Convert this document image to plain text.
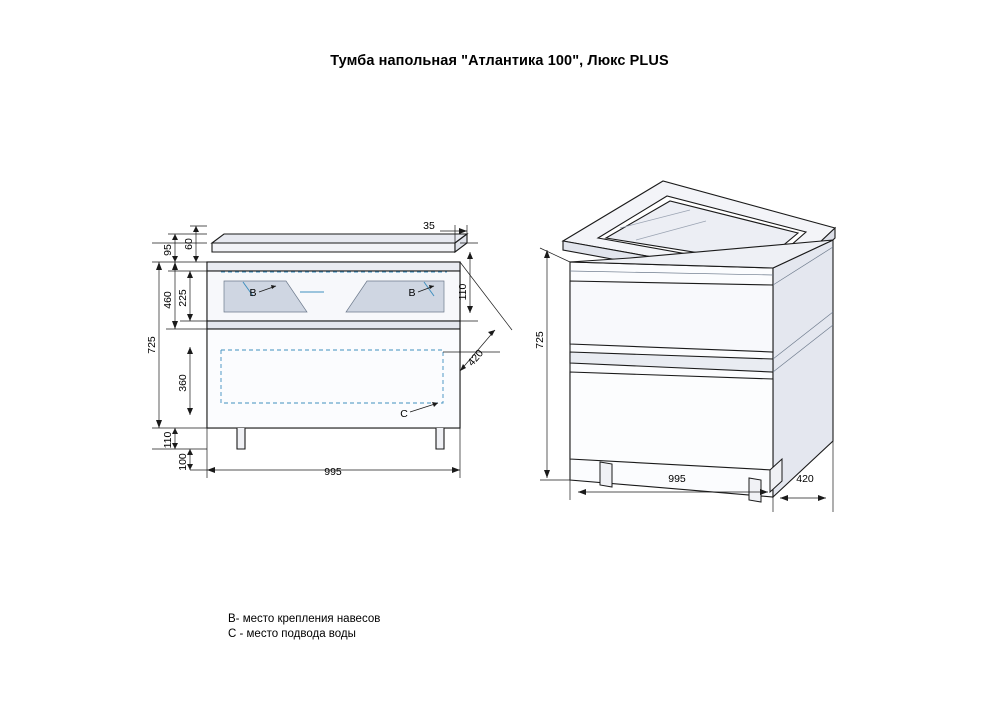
Тумба напольная "Атлантика 100", Люкс PLUS
B	B
C
725
460 225
360
110
100
95
60
995
35
110
420
725
995	420
B- место крепления навесов
C - место подвода воды
